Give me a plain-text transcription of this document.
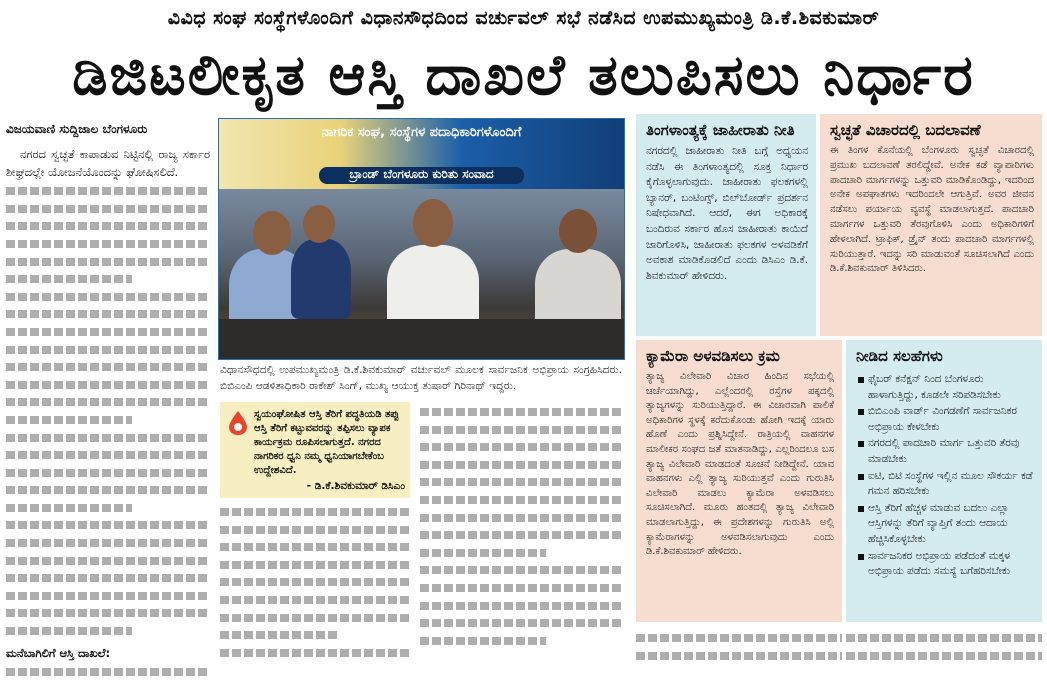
ವಿವಿಧ ಸಂಘ ಸಂಸ್ಥೆಗಳೊಂದಿಗೆ ವಿಧಾನಸೌಧದಿಂದ ವರ್ಚುವಲ್ ಸಭೆ ನಡೆಸಿದ ಉಪಮುಖ್ಯಮಂತ್ರಿ ಡಿ.ಕೆ.ಶಿವಕುಮಾರ್
ಡಿಜಿಟಲೀಕೃತ ಆಸ್ತಿ ದಾಖಲೆ ತಲುಪಿಸಲು ನಿರ್ಧಾರ
ವಿಜಯವಾಣಿ ಸುದ್ದಿಜಾಲ ಬೆಂಗಳೂರು

ನಗರದ ಸ್ವಚ್ಛತೆ ಕಾಪಾಡುವ ನಿಟ್ಟಿನಲ್ಲಿ ರಾಜ್ಯ ಸರ್ಕಾರ ಶೀಘ್ರದಲ್ಲೇ ಯೋಜನೆಯೊಂದನ್ನು ಘೋಷಿಸಲಿದೆ.

ಮನೆಬಾಗಿಲಿಗೆ ಆಸ್ತಿ ದಾಖಲೆ:

ನಾಗರಿಕ ಸಂಘ, ಸಂಸ್ಥೆಗಳ ಪದಾಧಿಕಾರಿಗಳೊಂದಿಗೆ
ಬ್ರಾಂಡ್ ಬೆಂಗಳೂರು ಕುರಿತು ಸಂವಾದ
ವಿಧಾನಸೌಧದಲ್ಲಿ ಉಪಮುಖ್ಯಮಂತ್ರಿ ಡಿ.ಕೆ.ಶಿವಕುಮಾರ್ ವರ್ಚುವಲ್ ಮೂಲಕ ಸಾರ್ವಜನಿಕ ಅಭಿಪ್ರಾಯ ಸಂಗ್ರಹಿಸಿದರು. ಬಿಬಿಎಂಪಿ ಆಡಳಿತಾಧಿಕಾರಿ ರಾಕೇಶ್ ಸಿಂಗ್, ಮುಖ್ಯ ಆಯುಕ್ತ ತುಷಾರ್ ಗಿರಿನಾಥ್ ಇದ್ದರು.
ಸ್ವಯಂಘೋಷಿತ ಆಸ್ತಿ ತೆರಿಗೆ ಪದ್ಧತಿಯಡಿ ತಪ್ಪು ಆಸ್ತಿ ತೆರಿಗೆ ಕಟ್ಟುವವರನ್ನು ತಪ್ಪಿಸಲು ವ್ಯಾಪಕ ಕಾರ್ಯಕ್ರಮ ರೂಪಿಸಲಾಗುತ್ತದೆ. ನಗರದ ನಾಗರಿಕರ ಧ್ವನಿ ನಮ್ಮ ಧ್ವನಿಯಾಗಬೇಕೆಂಬ ಉದ್ದೇಶವಿದೆ.
- ಡಿ.ಕೆ.ಶಿವಕುಮಾರ್ ಡಿಸಿಎಂ
ತಿಂಗಳಾಂತ್ಯಕ್ಕೆ ಜಾಹೀರಾತು ನೀತಿ
ನಗರದಲ್ಲಿ ಜಾಹೀರಾತು ನೀತಿ ಬಗ್ಗೆ ಅಧ್ಯಯನ ನಡೆಸಿ ಈ ತಿಂಗಳಾಂತ್ಯದಲ್ಲಿ ಸೂಕ್ತ ನಿರ್ಧಾರ ಕೈಗೊಳ್ಳಲಾಗುವುದು. ಜಾಹೀರಾತು ಫಲಕಗಳಲ್ಲಿ ಬ್ಯಾನರ್, ಬಂಟಿಂಗ್ಸ್, ಬಿಲ್‌ಬೋರ್ಡ್ ಪ್ರದರ್ಶನ ನಿಷೇಧವಾಗಿದೆ. ಆದರೆ, ಈಗ ಅಧಿಕಾರಕ್ಕೆ ಬಂದಿರುವ ಸರ್ಕಾರ ಹೊಸ ಜಾಹೀರಾತು ಕಾಯಿದೆ ಜಾರಿಗೊಳಿಸಿ, ಜಾಹೀರಾತು ಫಲಕಗಳ ಅಳವಡಿಕೆಗೆ ಅವಕಾಶ ಮಾಡಿಕೊಡಲಿದೆ ಎಂದು ಡಿಸಿಎಂ ಡಿ.ಕೆ. ಶಿವಕುಮಾರ್ ಹೇಳಿದರು.
ಸ್ವಚ್ಛತೆ ವಿಚಾರದಲ್ಲಿ ಬದಲಾವಣೆ
ಈ ತಿಂಗಳ ಕೊನೆಯಲ್ಲಿ ಬೆಂಗಳೂರು ಸ್ವಚ್ಛತೆ ವಿಚಾರದಲ್ಲಿ ಪ್ರಮುಖ ಬದಲಾವಣೆ ತರಲಿದ್ದೇವೆ. ಅನೇಕ ಕಡೆ ವ್ಯಾಪಾರಿಗಳು ಪಾದಚಾರಿ ಮಾರ್ಗಗಳನ್ನು ಒತ್ತುವರಿ ಮಾಡಿಕೊಂಡಿದ್ದು, ಇದರಿಂದ ಅನೇಕ ಅಪಘಾತಗಳು ಇದರಿಂದಲೇ ಆಗುತ್ತಿವೆ. ಅವರ ಜೀವನ ನಡೆಸಲು ಪರ್ಯಾಯ ವ್ಯವಸ್ಥೆ ಮಾಡಲಾಗುತ್ತದೆ. ಪಾದಚಾರಿ ಮಾರ್ಗಗಳ ಒತ್ತುವರಿ ತೆರವುಗೊಳಿಸಿ ಎಂದು ಅಧಿಕಾರಿಗಳಿಗೆ ಹೇಳಲಾಗಿದೆ. ಟ್ರಾಫಿಕ್, ಡ್ರೈನ್ ತಂದು ಪಾದಚಾರಿ ಮಾರ್ಗಗಳಲ್ಲಿ ಸುರಿಯುತ್ತಾರೆ. ಇದನ್ನು ಸರಿ ಮಾಡುವಂತೆ ಸೂಚಿಸಲಾಗಿದೆ ಎಂದು ಡಿ.ಕೆ.ಶಿವಕುಮಾರ್ ತಿಳಿಸಿದರು.
ಕ್ಯಾಮೆರಾ ಅಳವಡಿಸಲು ಕ್ರಮ
ತ್ಯಾಜ್ಯ ವಿಲೇವಾರಿ ವಿಚಾರ ಹಿಂದಿನ ಸಭೆಯಲ್ಲಿ ಚರ್ಚೆಯಾಗಿದ್ದು, ಎಲ್ಲೆಂದರಲ್ಲಿ ರಸ್ತೆಗಳ ಪಕ್ಕದಲ್ಲಿ ತ್ಯಾಜ್ಯಗಳನ್ನು ಸುರಿಯುತ್ತಿದ್ದಾರೆ. ಈ ವಿಚಾರವಾಗಿ ಪಾಲಿಕೆ ಅಧಿಕಾರಿಗಳ ಸ್ಥಳಕ್ಕೆ ಕರೆದುಕೊಂಡು ಹೋಗಿ ಇದಕ್ಕೆ ಯಾರು ಹೊಣೆ ಎಂದು ಪ್ರಶ್ನಿಸಿದ್ದೇನೆ. ರಾತ್ರಿಯಲ್ಲಿ ವಾಹನಗಳ ಮಾಲೀಕರ ಸಂಘದ ಜತೆ ಮಾತನಾಡಿದ್ದು, ಎಲ್ಲರಿಂದಲೂ ಬಸ ತ್ಯಾಜ್ಯ ವಿಲೇವಾರಿ ಮಾಡದಂತೆ ಸೂಚನೆ ನೀಡಿದ್ದೇನೆ. ಯಾವ ವಾಹನಗಳು ಎಲ್ಲಿ ತ್ಯಾಜ್ಯ ಸುರಿಯುತ್ತವೆ ಎಂದು ಗುರುತಿಸಿ ವಿಲೇವಾರಿ ಮಾಡಲು ಕ್ಯಾಮೆರಾ ಅಳವಡಿಸಲು ಸೂಚಿಸಲಾಗಿದೆ. ಮೂರು ಹಂತದಲ್ಲಿ ತ್ಯಾಜ್ಯ ವಿಲೇವಾರಿ ಮಾಡಲಾಗುತ್ತಿದ್ದು, ಈ ಪ್ರದೇಶಗಳನ್ನು ಗುರುತಿಸಿ ಅಲ್ಲಿ ಕ್ಯಾಮೆರಾಗಳನ್ನು ಅಳವಡಿಸಲಾಗುವುದು ಎಂದು ಡಿ.ಕೆ.ಶಿವಕುಮಾರ್ ಹೇಳಿದರು.
ನೀಡಿದ ಸಲಹೆಗಳು
ಫೈಬರ್ ಕನೆಕ್ಷನ್ ನಿಂದ ಬೆಂಗಳೂರು ಹಾಳಾಗುತ್ತಿದ್ದು, ಕೂಡಲೇ ಸರಿಪಡಿಸಬೇಕು
ಬಿಬಿಎಂಪಿ ವಾರ್ಡ್ ವಿಂಗಡಣೆಗೆ ಸಾರ್ವಜನಿಕರ ಅಭಿಪ್ರಾಯ ಕೇಳಬೇಕು
ನಗರದಲ್ಲಿ ಪಾದಚಾರಿ ಮಾರ್ಗ ಒತ್ತುವರಿ ತೆರವು ಮಾಡಬೇಕು
ಐಟಿ, ಬಿಟಿ ಸಂಸ್ಥೆಗಳ ಇಲ್ಲಿನ ಮೂಲ ಸೌಕರ್ಯ ಕಡೆ ಗಮನ ಹರಿಸಬೇಕು
ಆಸ್ತಿ ತೆರಿಗೆ ಹೆಚ್ಚಳ ಮಾಡುವ ಬದಲು ಎಲ್ಲಾ ಆಸ್ತಿಗಳನ್ನು ತೆರಿಗೆ ವ್ಯಾಪ್ತಿಗೆ ತಂದು ಆದಾಯ ಹೆಚ್ಚಿಸಿಕೊಳ್ಳಬೇಕು
ಸಾರ್ವಜನಿಕರ ಅಭಿಪ್ರಾಯ ಪಡೆದಂತೆ ಮಕ್ಕಳ ಅಭಿಪ್ರಾಯ ಪಡೆದು ಸಮಸ್ಯೆ ಬಗೆಹರಿಸಬೇಕು
